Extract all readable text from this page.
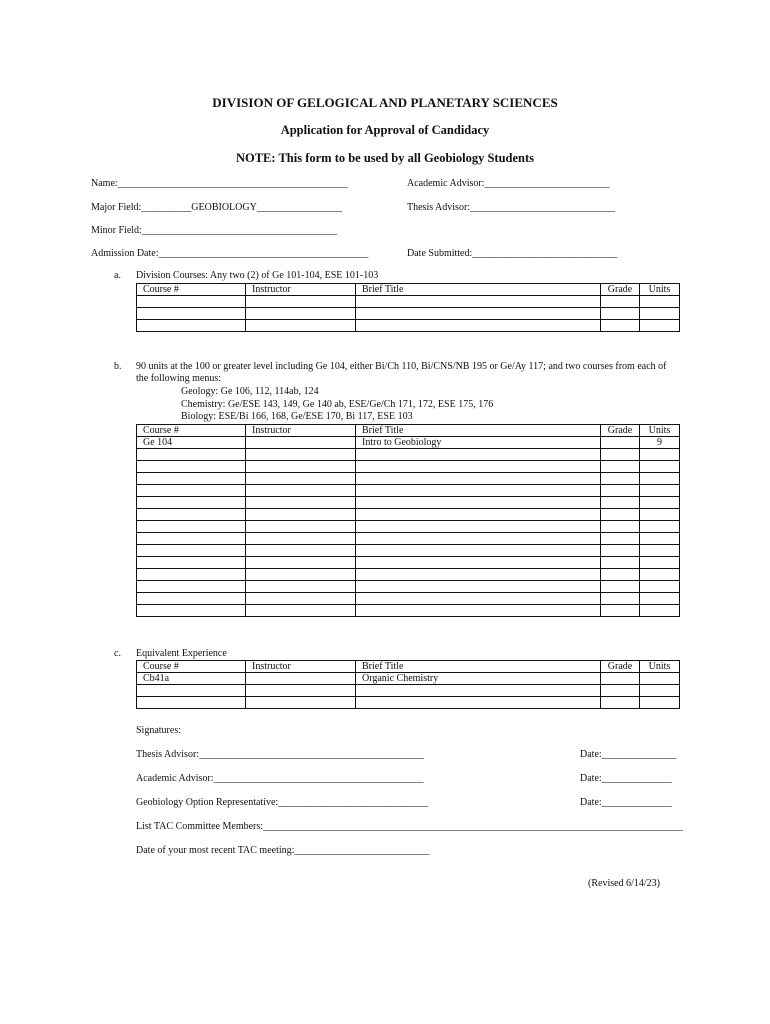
DIVISION OF GELOGICAL AND PLANETARY SCIENCES
Application for Approval of Candidacy
NOTE: This form to be used by all Geobiology Students
Name:______________________________________________	Academic Advisor:_________________________
Major Field:__________GEOBIOLOGY_________________	Thesis Advisor:_____________________________
Minor Field:_______________________________________
Admission Date:__________________________________________	Date Submitted:_____________________________
a. Division Courses: Any two (2) of Ge 101-104, ESE 101-103
Course #	Instructor	Brief Title	Grade	Units

b. 90 units at the 100 or greater level including Ge 104, either Bi/Ch 110, Bi/CNS/NB 195 or Ge/Ay 117; and two courses from each of
the following menus:
Geology: Ge 106, 112, 114ab, 124
Chemistry: Ge/ESE 143, 149, Ge 140 ab, ESE/Ge/Ch 171, 172, ESE 175, 176
Biology: ESE/Bi 166, 168, Ge/ESE 170, Bi 117, ESE 103
Course #	Instructor	Brief Title	Grade	Units
Ge 104		Intro to Geobiology		9

c. Equivalent Experience
Course #	Instructor	Brief Title	Grade	Units
Cb41a		Organic Chemistry		

Signatures:
Thesis Advisor:_____________________________________________	Date:_______________
Academic Advisor:__________________________________________	Date:______________
Geobiology Option Representative:______________________________	Date:______________
List TAC Committee Members:____________________________________________________________________________________
Date of your most recent TAC meeting:___________________________
(Revised 6/14/23)
